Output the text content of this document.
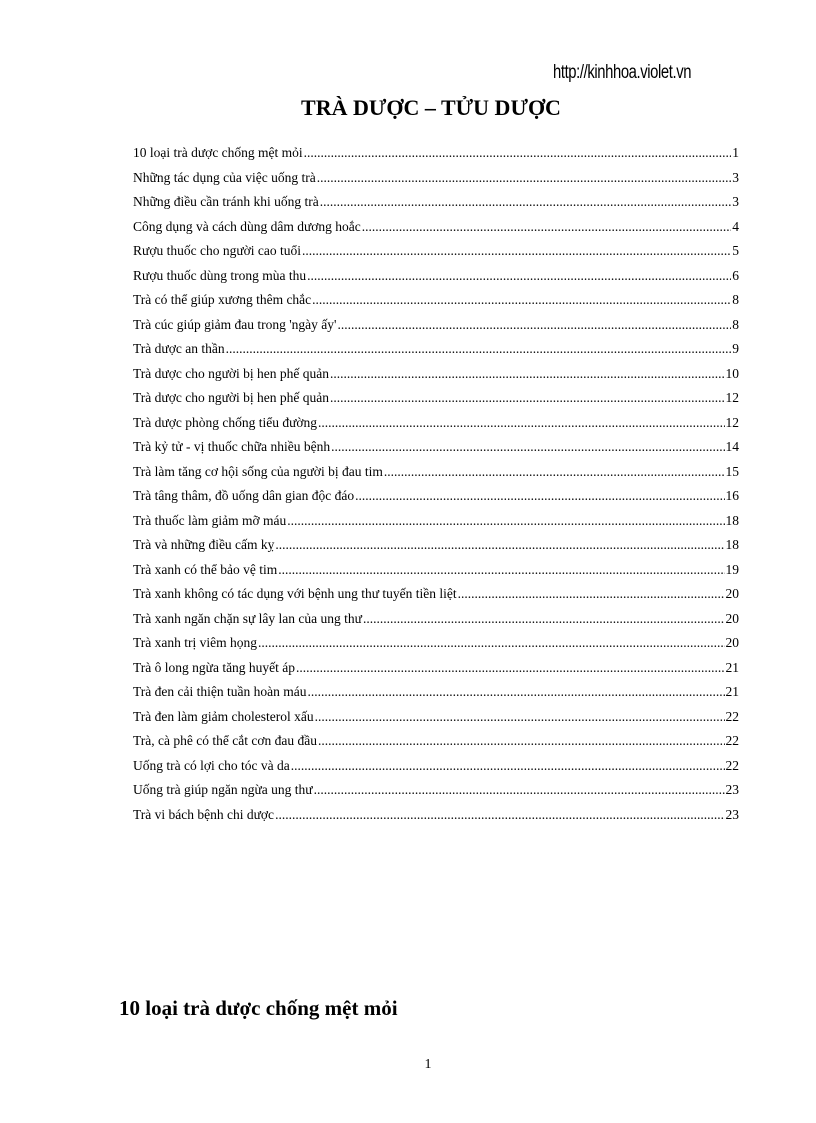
http://kinhhoa.violet.vn
TRÀ DƯỢC – TỬU DƯỢC
10 loại trà dược chống mệt mỏi .....	1
Những tác dụng của việc uống trà .....	3
Những điều cần tránh khi uống trà .....	3
Công dụng và cách dùng dâm dương hoắc .....	4
Rượu thuốc cho người cao tuổi .....	5
Rượu thuốc dùng trong mùa thu .....	6
Trà có thể giúp xương thêm chắc .....	8
Trà cúc giúp giảm đau trong 'ngày ấy' .....	8
Trà dược an thần .....	9
Trà dược cho người bị hen phế quản .....	10
Trà dược cho người bị hen phế quản .....	12
Trà dược phòng chống tiểu đường .....	12
Trà kỷ tử - vị thuốc chữa nhiều bệnh .....	14
Trà làm tăng cơ hội sống của người bị đau tim .....	15
Trà tâng thâm, đồ uống dân gian độc đáo .....	16
Trà thuốc làm giảm mỡ máu .....	18
Trà và những điều cấm kỵ .....	18
Trà xanh có thể bảo vệ tim .....	19
Trà xanh không có tác dụng với bệnh ung thư tuyến tiền liệt .....	20
Trà xanh ngăn chặn sự lây lan của ung thư .....	20
Trà xanh trị viêm họng .....	20
Trà ô long ngừa tăng huyết áp .....	21
Trà đen cải thiện tuần hoàn máu .....	21
Trà đen làm giảm cholesterol xấu .....	22
Trà, cà phê có thể cắt cơn đau đầu .....	22
Uống trà có lợi cho tóc và da .....	22
Uống trà giúp ngăn ngừa ung thư .....	23
Trà vi bách bệnh chi dược .....	23
10 loại trà dược chống mệt mỏi
1
